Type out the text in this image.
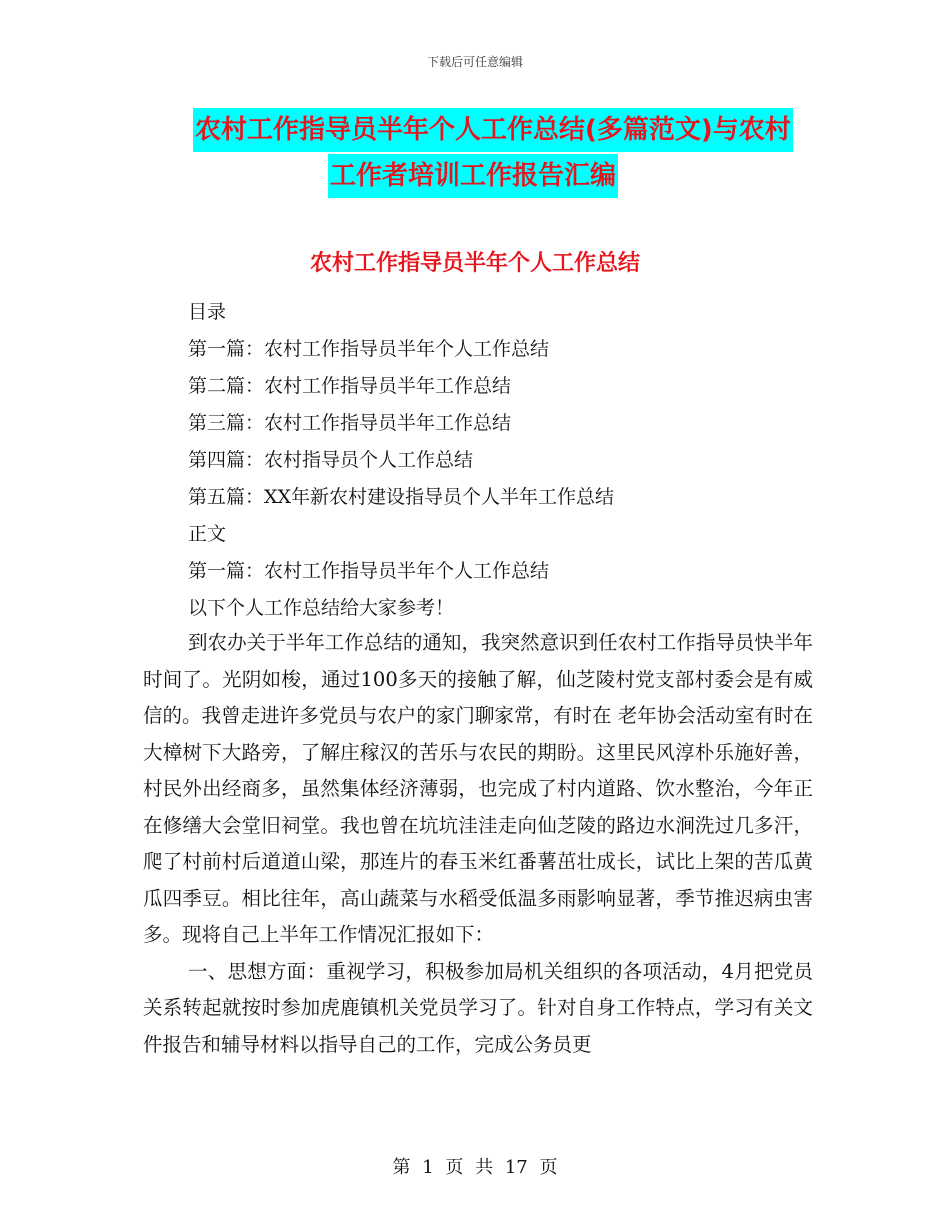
下载后可任意编辑
农村工作指导员半年个人工作总结(多篇范文)与农村
工作者培训工作报告汇编
农村工作指导员半年个人工作总结
目录
第一篇：农村工作指导员半年个人工作总结
第二篇：农村工作指导员半年工作总结
第三篇：农村工作指导员半年工作总结
第四篇：农村指导员个人工作总结
第五篇：XX年新农村建设指导员个人半年工作总结
正文
第一篇：农村工作指导员半年个人工作总结
以下个人工作总结给大家参考！

到农办关于半年工作总结的通知，我突然意识到任农村工作指导员快半年时间了。光阴如梭，通过100多天的接触了解，仙芝陵村党支部村委会是有威信的。我曾走进许多党员与农户的家门聊家常，有时在 老年协会活动室有时在大樟树下大路旁，了解庄稼汉的苦乐与农民的期盼。这里民风淳朴乐施好善，村民外出经商多，虽然集体经济薄弱，也完成了村内道路、饮水整治，今年正在修缮大会堂旧祠堂。我也曾在坑坑洼洼走向仙芝陵的路边水涧洗过几多汗，爬了村前村后道道山梁，那连片的春玉米红番薯茁壮成长，试比上架的苦瓜黄瓜四季豆。相比往年，高山蔬菜与水稻受低温多雨影响显著，季节推迟病虫害多。现将自己上半年工作情况汇报如下：

一、思想方面：重视学习，积极参加局机关组织的各项活动，4月把党员关系转起就按时参加虎鹿镇机关党员学习了。针对自身工作特点，学习有关文件报告和辅导材料以指导自己的工作，完成公务员更

第 1 页 共 17 页
